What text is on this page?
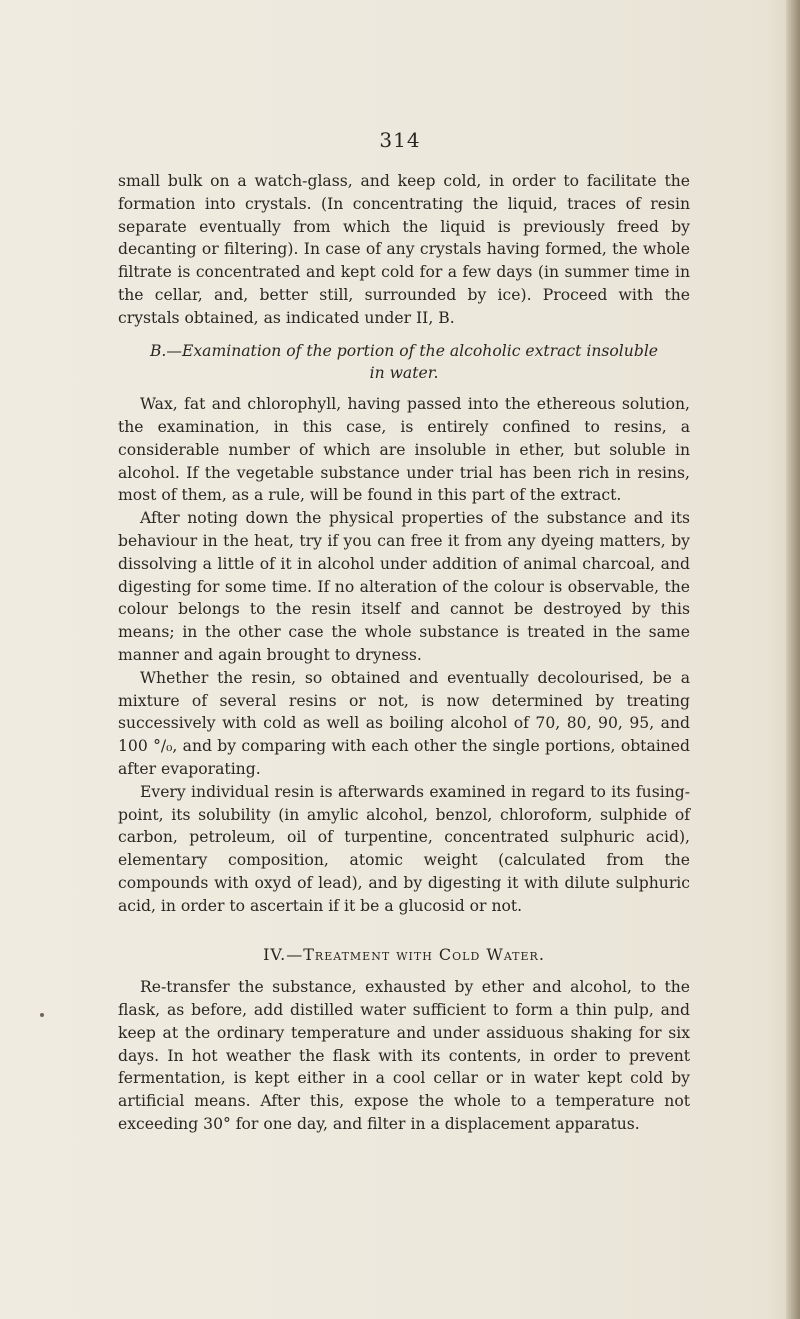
314

small bulk on a watch-glass, and keep cold, in order to facilitate the formation into crystals. (In concentrating the liquid, traces of resin separate eventually from which the liquid is previously freed by decanting or filtering). In case of any crystals having formed, the whole filtrate is concentrated and kept cold for a few days (in summer time in the cellar, and, better still, surrounded by ice). Proceed with the crystals obtained, as indicated under II, B.

B.—Examination of the portion of the alcoholic extract insoluble
in water.

Wax, fat and chlorophyll, having passed into the ethereous solution, the examination, in this case, is entirely confined to resins, a considerable number of which are insoluble in ether, but soluble in alcohol. If the vegetable substance under trial has been rich in resins, most of them, as a rule, will be found in this part of the extract.

After noting down the physical properties of the substance and its behaviour in the heat, try if you can free it from any dyeing matters, by dissolving a little of it in alcohol under addition of animal charcoal, and digesting for some time. If no alteration of the colour is observable, the colour belongs to the resin itself and cannot be destroyed by this means; in the other case the whole substance is treated in the same manner and again brought to dryness.

Whether the resin, so obtained and eventually decolourised, be a mixture of several resins or not, is now determined by treating successively with cold as well as boiling alcohol of 70, 80, 90, 95, and 100 °/₀, and by comparing with each other the single portions, obtained after evaporating.

Every individual resin is afterwards examined in regard to its fusing-point, its solubility (in amylic alcohol, benzol, chloroform, sulphide of carbon, petroleum, oil of turpentine, concentrated sulphuric acid), elementary composition, atomic weight (calculated from the compounds with oxyd of lead), and by digesting it with dilute sulphuric acid, in order to ascertain if it be a glucosid or not.

IV.—Treatment with Cold Water.

Re-transfer the substance, exhausted by ether and alcohol, to the flask, as before, add distilled water sufficient to form a thin pulp, and keep at the ordinary temperature and under assiduous shaking for six days. In hot weather the flask with its contents, in order to prevent fermentation, is kept either in a cool cellar or in water kept cold by artificial means. After this, expose the whole to a temperature not exceeding 30° for one day, and filter in a displacement apparatus.
